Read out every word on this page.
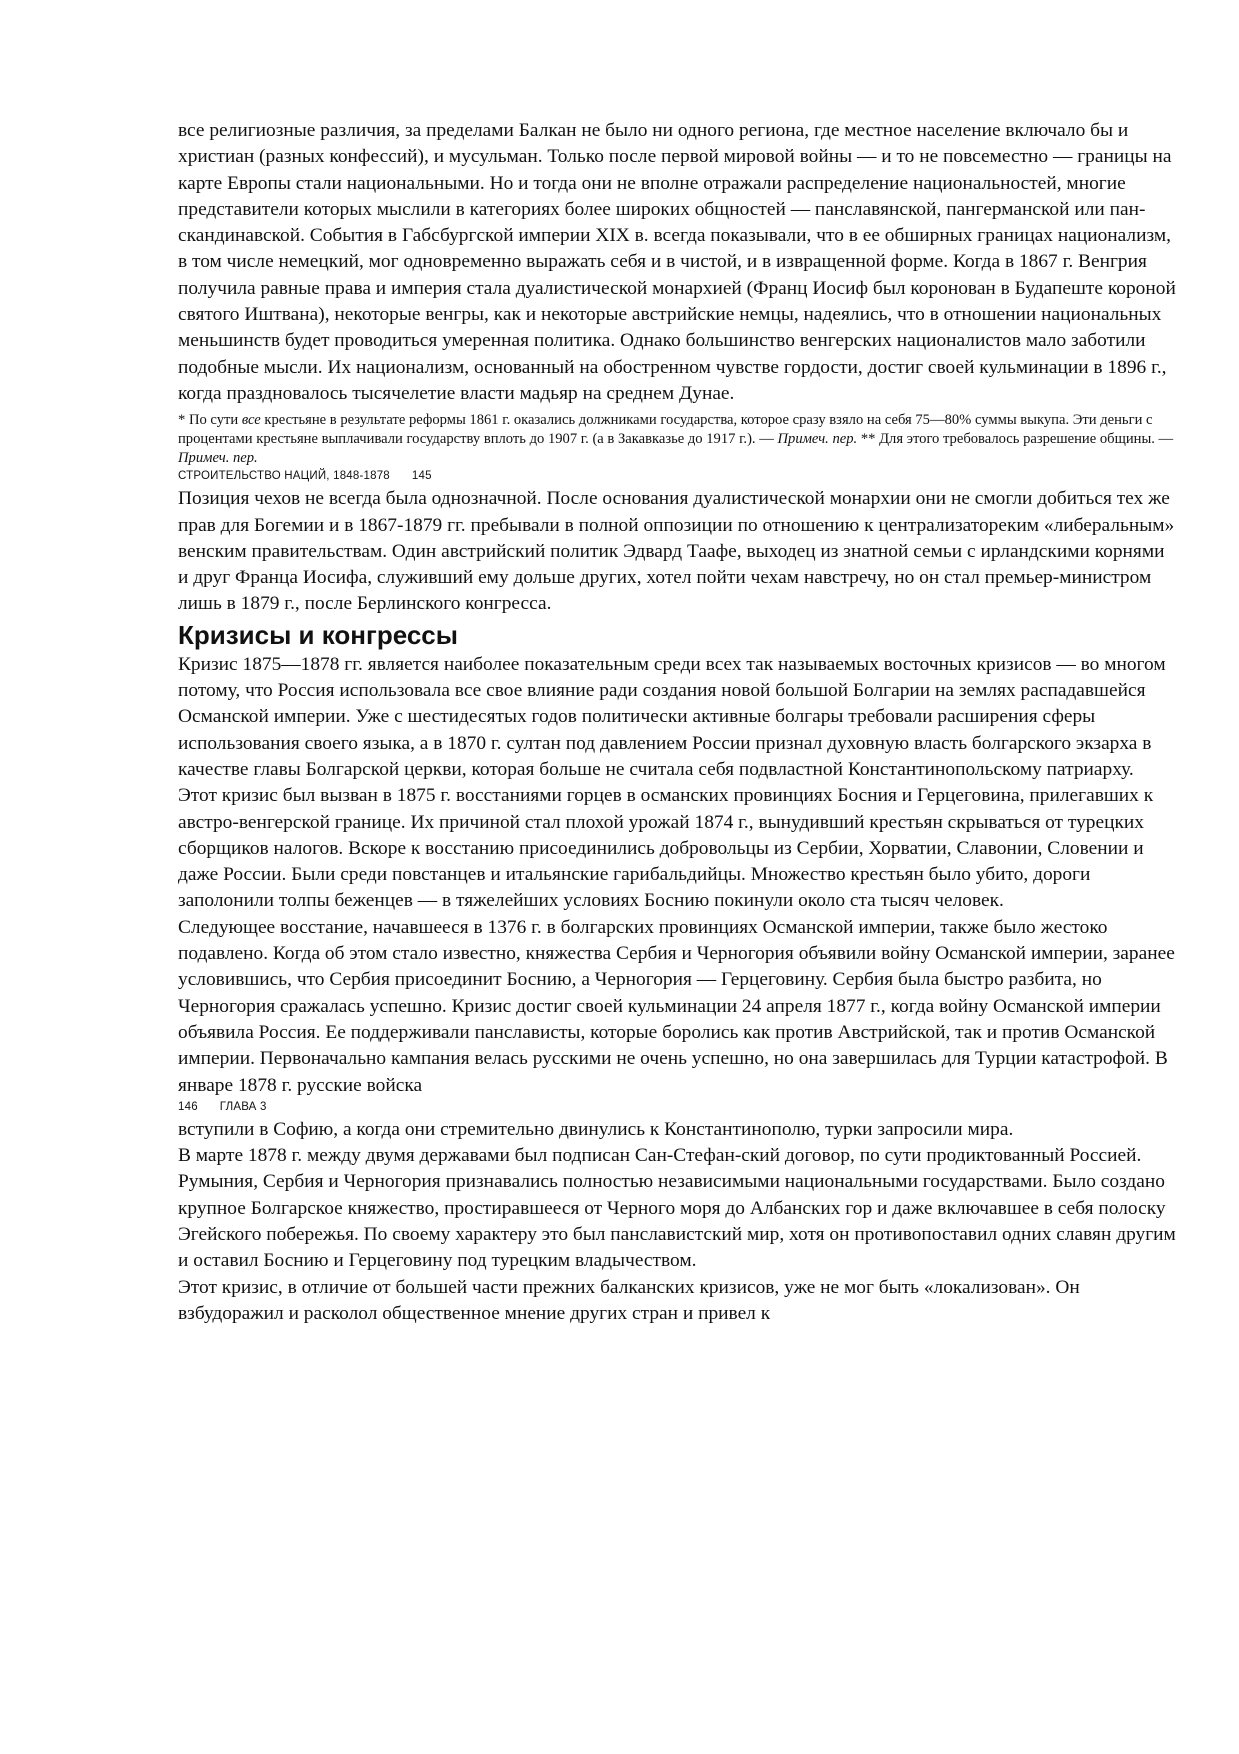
все религиозные различия, за пределами Балкан не было ни одного региона, где местное население включало бы и христиан (разных конфессий), и мусульман. Только после первой мировой войны — и то не повсеместно — границы на карте Европы стали национальными. Но и тогда они не вполне отражали распределение национальностей, многие представители которых мыслили в категориях более широких общностей — панславянской, пангерманской или пан-скандинавской. События в Габсбургской империи XIX в. всегда показывали, что в ее обширных границах национализм, в том числе немецкий, мог одновременно выражать себя и в чистой, и в извращенной форме. Когда в 1867 г. Венгрия получила равные права и империя стала дуалистической монархией (Франц Иосиф был коронован в Будапеште короной святого Иштвана), некоторые венгры, как и некоторые австрийские немцы, надеялись, что в отношении национальных меньшинств будет проводиться умеренная политика. Однако большинство венгерских националистов мало заботили подобные мысли. Их национализм, основанный на обостренном чувстве гордости, достиг своей кульминации в 1896 г., когда праздновалось тысячелетие власти мадьяр на среднем Дунае.

* По сути все крестьяне в результате реформы 1861 г. оказались должниками государства, которое сразу взяло на себя 75—80% суммы выкупа. Эти деньги с процентами крестьяне выплачивали государству вплоть до 1907 г. (а в Закавказье до 1917 г.). — Примеч. пер. ** Для этого требовалось разрешение общины. — Примеч. пер.

СТРОИТЕЛЬСТВО НАЦИЙ, 1848-1878 145

Позиция чехов не всегда была однозначной. После основания дуалистической монархии они не смогли добиться тех же прав для Богемии и в 1867-1879 гг. пребывали в полной оппозиции по отношению к централизатореким «либеральным» венским правительствам. Один австрийский политик Эдвард Таафе, выходец из знатной семьи с ирландскими корнями и друг Франца Иосифа, служивший ему дольше других, хотел пойти чехам навстречу, но он стал премьер-министром лишь в 1879 г., после Берлинского конгресса.

Кризисы и конгрессы

Кризис 1875—1878 гг. является наиболее показательным среди всех так называемых восточных кризисов — во многом потому, что Россия использовала все свое влияние ради создания новой большой Болгарии на землях распадавшейся Османской империи. Уже с шестидесятых годов политически активные болгары требовали расширения сферы использования своего языка, а в 1870 г. султан под давлением России признал духовную власть болгарского экзарха в качестве главы Болгарской церкви, которая больше не считала себя подвластной Константинопольскому патриарху.

Этот кризис был вызван в 1875 г. восстаниями горцев в османских провинциях Босния и Герцеговина, прилегавших к австро-венгерской границе. Их причиной стал плохой урожай 1874 г., вынудивший крестьян скрываться от турецких сборщиков налогов. Вскоре к восстанию присоединились добровольцы из Сербии, Хорватии, Славонии, Словении и даже России. Были среди повстанцев и итальянские гарибальдийцы. Множество крестьян было убито, дороги заполонили толпы беженцев — в тяжелейших условиях Боснию покинули около ста тысяч человек.

Следующее восстание, начавшееся в 1376 г. в болгарских провинциях Османской империи, также было жестоко подавлено. Когда об этом стало известно, княжества Сербия и Черногория объявили войну Османской империи, заранее условившись, что Сербия присоединит Боснию, а Черногория — Герцеговину. Сербия была быстро разбита, но Черногория сражалась успешно. Кризис достиг своей кульминации 24 апреля 1877 г., когда войну Османской империи объявила Россия. Ее поддерживали панславиcты, которые боролись как против Австрийской, так и против Османской империи. Первоначально кампания велась русскими не очень успешно, но она завершилась для Турции катастрофой. В январе 1878 г. русские войска

146 ГЛАВА 3

вступили в Софию, а когда они стремительно двинулись к Константинополю, турки запросили мира.

В марте 1878 г. между двумя державами был подписан Сан-Стефан-ский договор, по сути продиктованный Россией. Румыния, Сербия и Черногория признавались полностью независимыми национальными государствами. Было создано крупное Болгарское княжество, простиравшееся от Черного моря до Албанских гор и даже включавшее в себя полоску Эгейского побережья. По своему характеру это был панславистский мир, хотя он противопоставил одних славян другим и оставил Боснию и Герцеговину под турецким владычеством.

Этот кризис, в отличие от большей части прежних балканских кризисов, уже не мог быть «локализован». Он взбудоражил и расколол общественное мнение других стран и привел к
